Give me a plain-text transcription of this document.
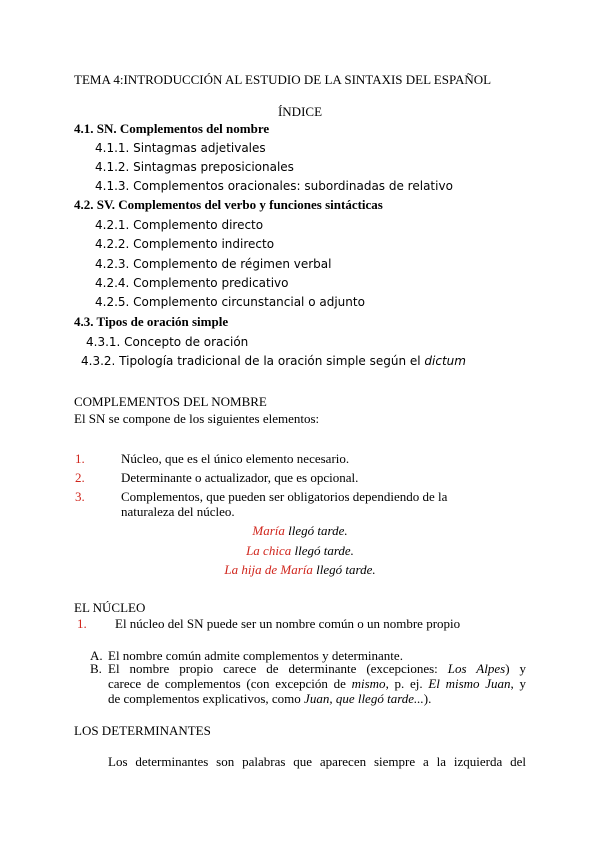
TEMA 4:INTRODUCCIÓN AL ESTUDIO DE LA SINTAXIS DEL ESPAÑOL
ÍNDICE
4.1. SN. Complementos del nombre
4.1.1. Sintagmas adjetivales
4.1.2. Sintagmas preposicionales
4.1.3. Complementos oracionales: subordinadas de relativo
4.2. SV. Complementos del verbo y funciones sintácticas
4.2.1. Complemento directo
4.2.2. Complemento indirecto
4.2.3. Complemento de régimen verbal
4.2.4. Complemento predicativo
4.2.5. Complemento circunstancial o adjunto
4.3. Tipos de oración simple
4.3.1. Concepto de oración
4.3.2. Tipología tradicional de la oración simple según el dictum
COMPLEMENTOS DEL NOMBRE
El SN se compone de los siguientes elementos:
1.	Núcleo, que es el único elemento necesario.
2.	Determinante o actualizador, que es opcional.
3.	Complementos, que pueden ser obligatorios dependiendo de la
naturaleza del núcleo.
María llegó tarde.
La chica llegó tarde.
La hija de María llegó tarde.
EL NÚCLEO
1. El núcleo del SN puede ser un nombre común o un nombre propio
A. El nombre común admite complementos y determinante.
B. El nombre propio carece de determinante (excepciones: Los Alpes) y
carece de complementos (con excepción de mismo, p. ej. El mismo Juan, y
de complementos explicativos, como Juan, que llegó tarde...).
LOS DETERMINANTES
Los determinantes son palabras que aparecen siempre a la izquierda del
